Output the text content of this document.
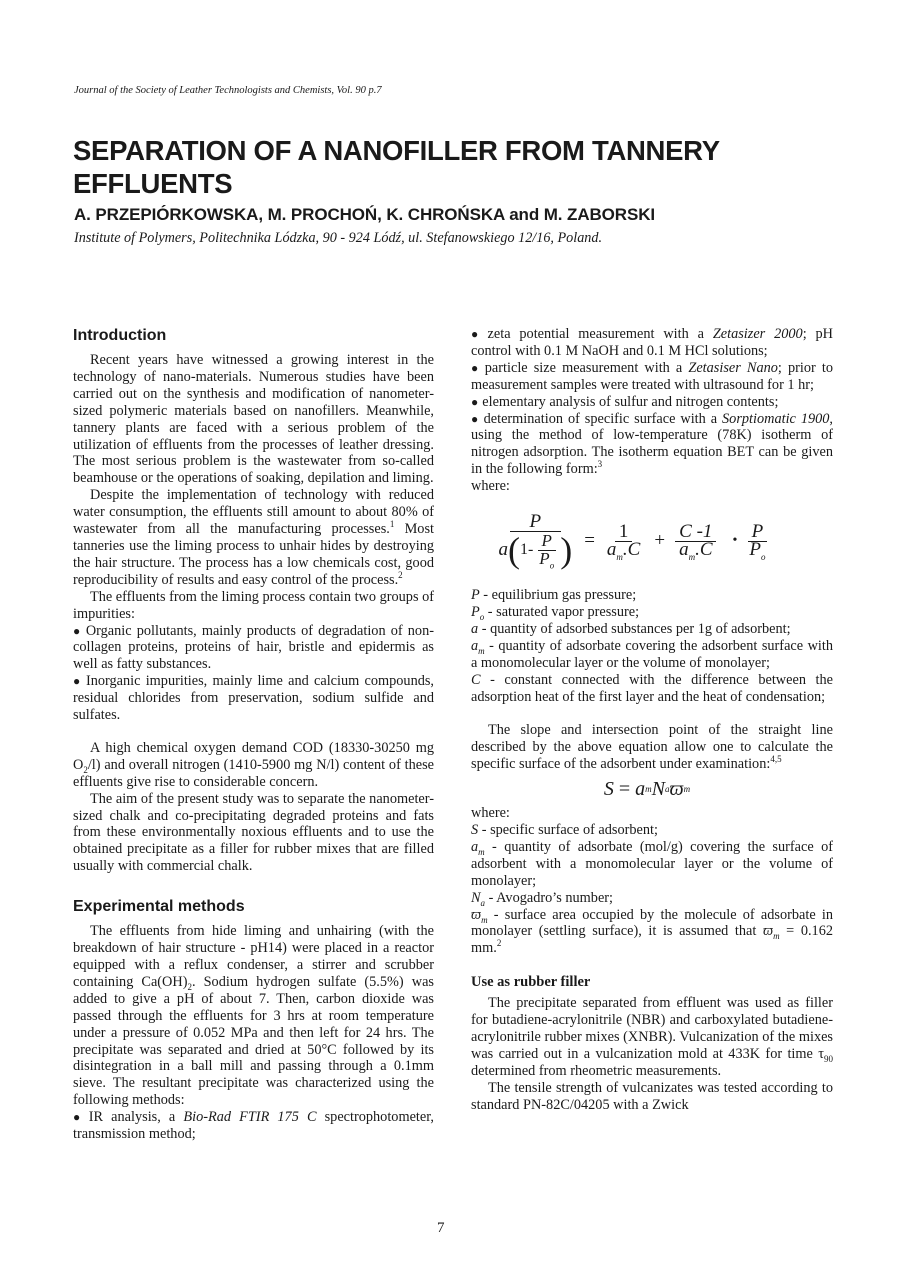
Journal of the Society of Leather Technologists and Chemists, Vol. 90 p.7
SEPARATION OF A NANOFILLER FROM TANNERY EFFLUENTS
A. PRZEPIÓRKOWSKA, M. PROCHOŃ, K. CHROŃSKA and M. ZABORSKI
Institute of Polymers, Politechnika Lódzka, 90 - 924 Lódź, ul. Stefanowskiego 12/16, Poland.
Introduction

Recent years have witnessed a growing interest in the technology of nano-materials. Numerous studies have been carried out on the synthesis and modification of nanometer-sized polymeric materials based on nanofillers. Meanwhile, tannery plants are faced with a serious problem of the utilization of effluents from the processes of leather dressing. The most serious problem is the wastewater from so-called beamhouse or the operations of soaking, depilation and liming.

Despite the implementation of technology with reduced water consumption, the effluents still amount to about 80% of wastewater from all the manufacturing processes.$^1$ Most tanneries use the liming process to unhair hides by destroying the hair structure. The process has a low chemicals cost, good reproducibility of results and easy control of the process.$^2$

The effluents from the liming process contain two groups of impurities:

● Organic pollutants, mainly products of degradation of non-collagen proteins, proteins of hair, bristle and epidermis as well as fatty substances.

● Inorganic impurities, mainly lime and calcium compounds, residual chlorides from preservation, sodium sulfide and sulfates.

A high chemical oxygen demand COD (18330-30250 mg $O_2/l$) and overall nitrogen (1410-5900 mg N/l) content of these effluents give rise to considerable concern.

The aim of the present study was to separate the nanometer-sized chalk and co-precipitating degraded proteins and fats from these environmentally noxious effluents and to use the obtained precipitate as a filler for rubber mixes that are filled usually with commercial chalk.

Experimental methods

The effluents from hide liming and unhairing (with the breakdown of hair structure - pH14) were placed in a reactor equipped with a reflux condenser, a stirrer and scrubber containing $Ca(OH)_2$. Sodium hydrogen sulfate (5.5%) was added to give a pH of about 7. Then, carbon dioxide was passed through the effluents for 3 hrs at room temperature under a pressure of 0.052 MPa and then left for 24 hrs. The precipitate was separated and dried at 50°C followed by its disintegration in a ball mill and passing through a 0.1mm sieve. The resultant precipitate was characterized using the following methods:

● IR analysis, a Bio-Rad FTIR 175 C spectrophotometer, transmission method;

● zeta potential measurement with a Zetasizer 2000; pH control with 0.1 M NaOH and 0.1 M HCl solutions;

● particle size measurement with a Zetasiser Nano; prior to measurement samples were treated with ultrasound for 1 hr;

● elementary analysis of sulfur and nitrogen contents;

● determination of specific surface with a Sorptiomatic 1900, using the method of low-temperature (78K) isotherm of nitrogen adsorption. The isotherm equation BET can be given in the following form:$^3$

where:

P
a ( $1- \frac{P}{P_o}$ ) = $\frac{1}{a_m.C} + \frac{C -1}{a_m.C}$ • $\frac{P}{P_o}$

P - equilibrium gas pressure;

$P_o$ - saturated vapor pressure;

a - quantity of adsorbed substances per 1g of adsorbent;

$a_m$ - quantity of adsorbate covering the adsorbent surface with a monomolecular layer or the volume of monolayer;

C - constant connected with the difference between the adsorption heat of the first layer and the heat of condensation;

The slope and intersection point of the straight line described by the above equation allow one to calculate the specific surface of the adsorbent under examination:$^{4,5}$

S = a m N a ϖ m

where:

S - specific surface of adsorbent;

$a_m$ - quantity of adsorbate (mol/g) covering the surface of adsorbent with a monomolecular layer or the volume of monolayer;

$N_a$ - Avogadro’s number;

$ϖ_m$ - surface area occupied by the molecule of adsorbate in monolayer (settling surface), it is assumed that $ϖ_m = 0.162$ mm.$^2$

Use as rubber filler

The precipitate separated from effluent was used as filler for butadiene-acrylonitrile (NBR) and carboxylated butadiene-acrylonitrile rubber mixes (XNBR). Vulcanization of the mixes was carried out in a vulcanization mold at 433K for time $\tau_{90}$ determined from rheometric measurements.

The tensile strength of vulcanizates was tested according to standard PN-82C/04205 with a Zwick

7
